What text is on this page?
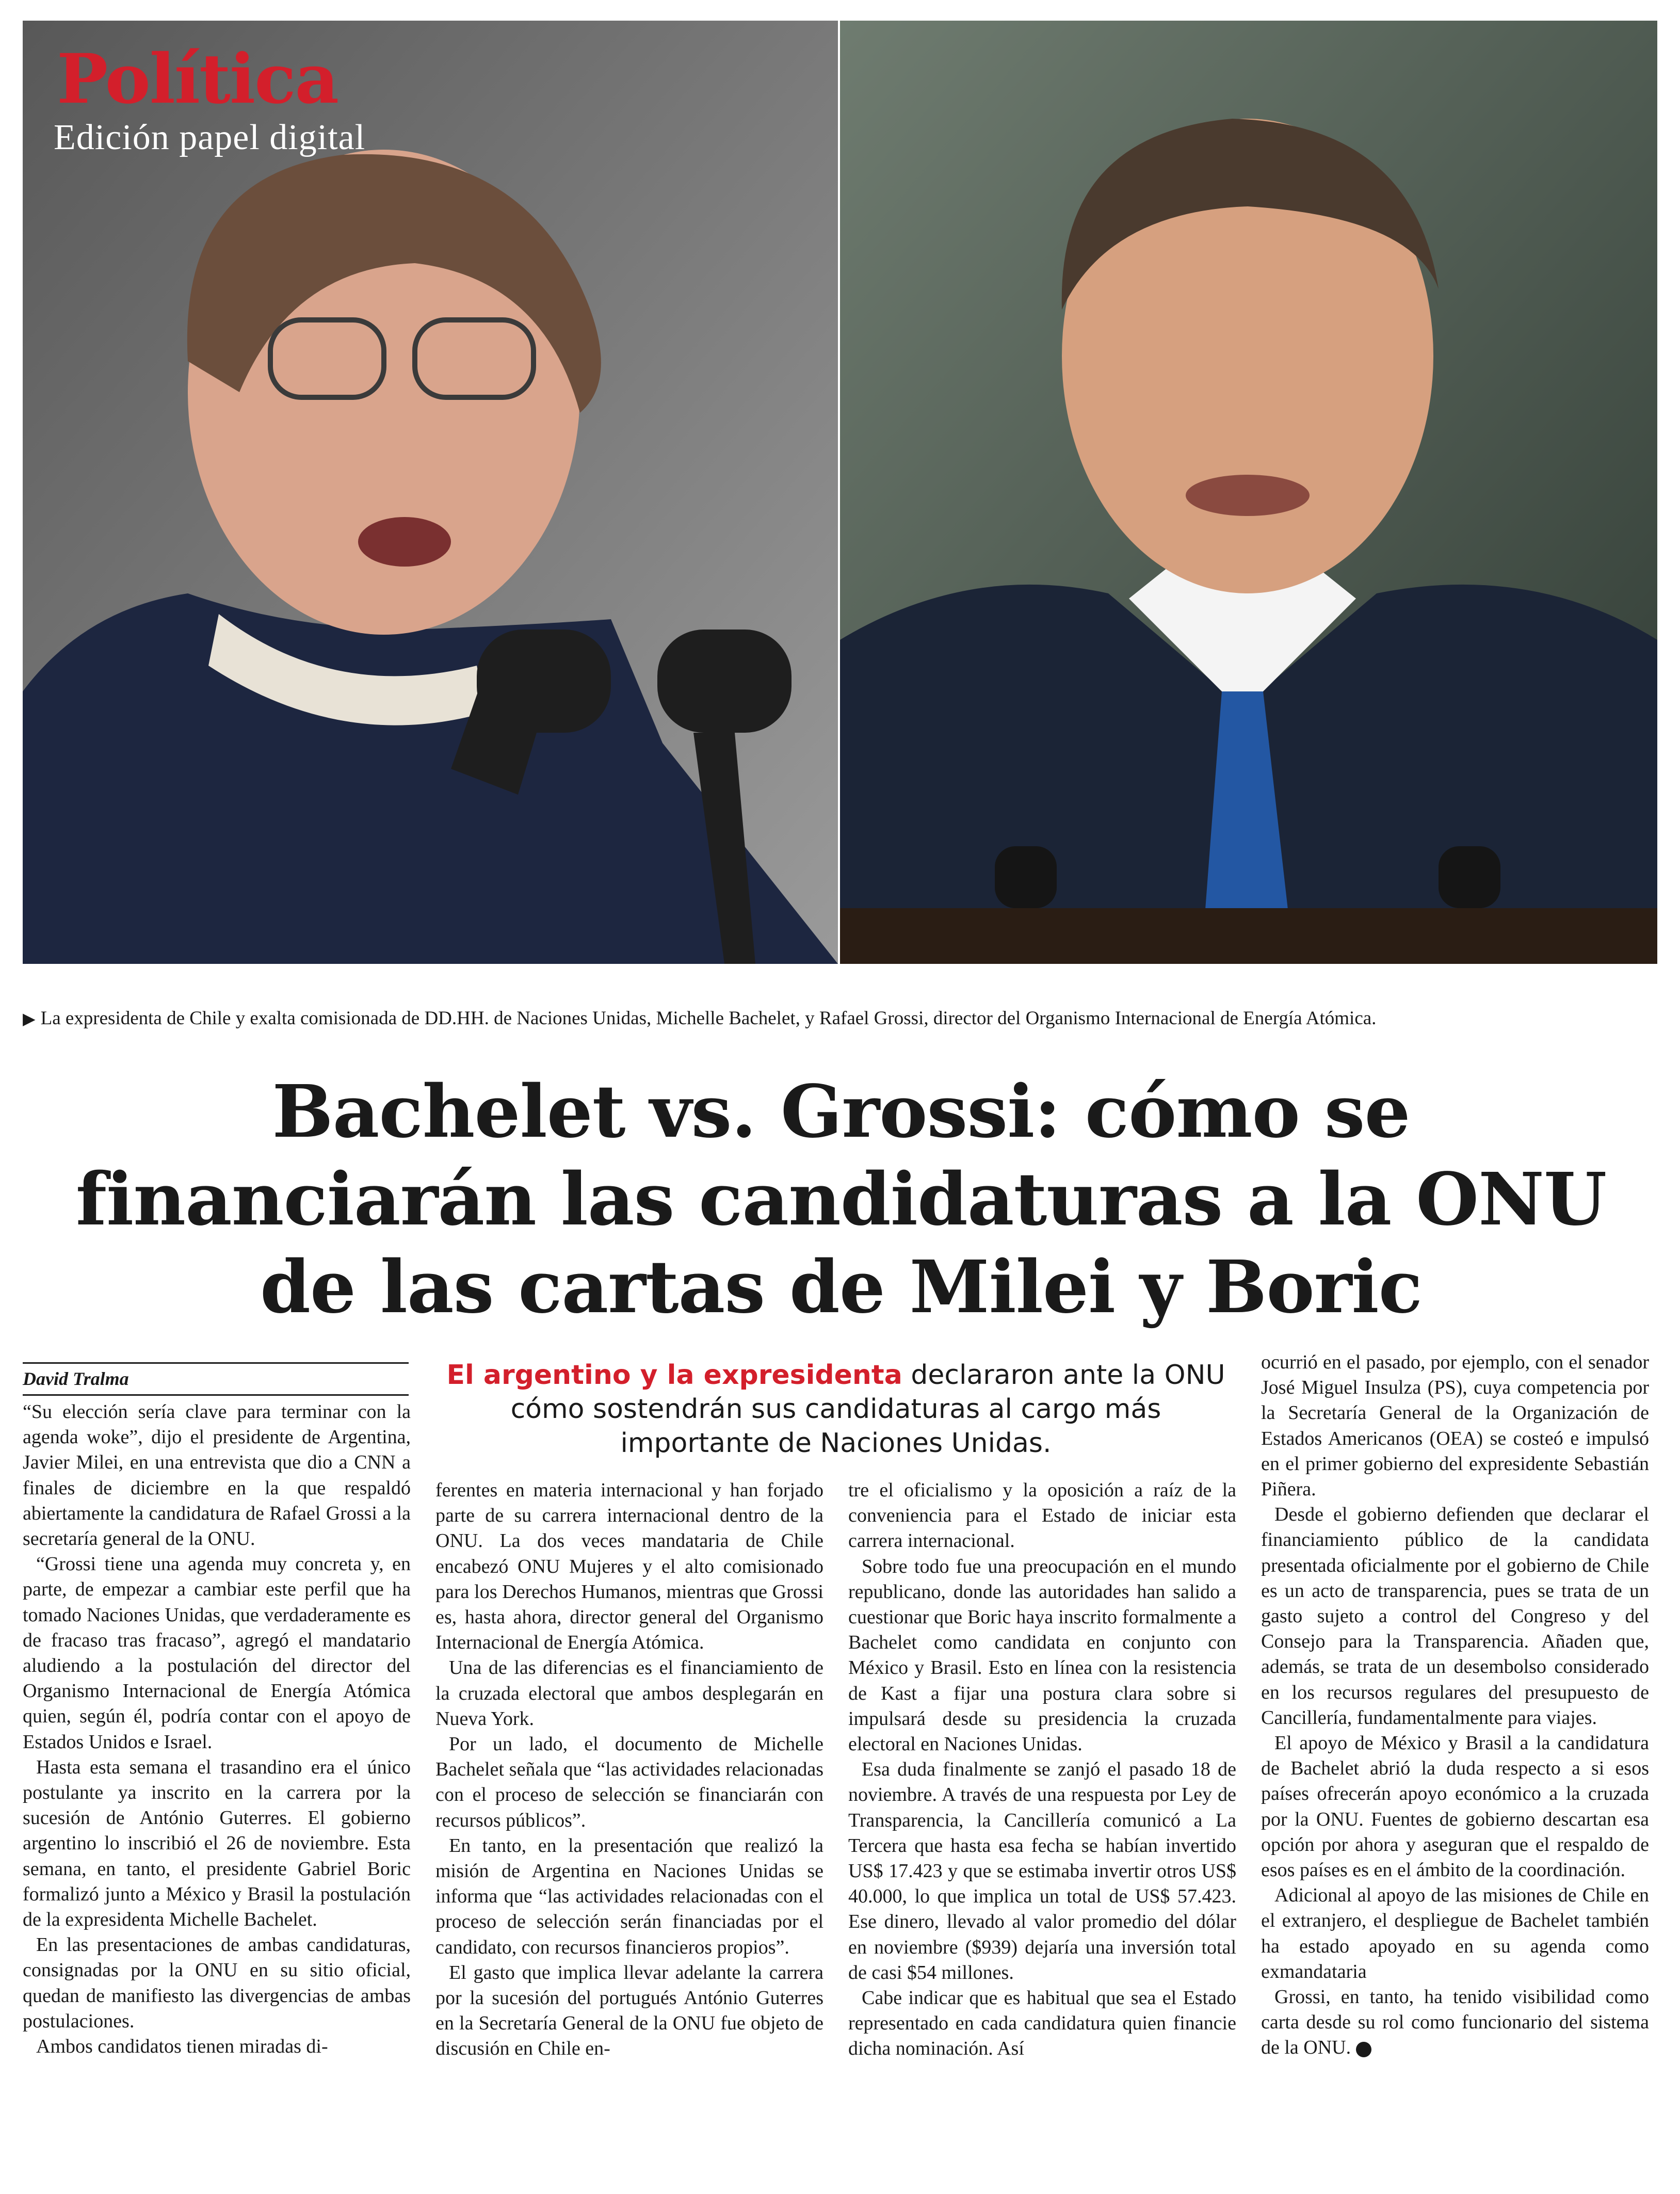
Política
Edición papel digital
▶ La expresidenta de Chile y exalta comisionada de DD.HH. de Naciones Unidas, Michelle Bachelet, y Rafael Grossi, director del Organismo Internacional de Energía Atómica.
Bachelet vs. Grossi: cómo se financiarán las candidaturas a la ONU de las cartas de Milei y Boric
David Tralma	El argentino y la expresidenta declararon ante la ONU cómo sostendrán sus candidaturas al cargo más importante de Naciones Unidas.

“Su elección sería clave para terminar con la agenda woke”, dijo el presidente de Argentina, Javier Milei, en una entrevista que dio a CNN a finales de diciembre en la que respaldó abiertamente la candidatura de Rafael Grossi a la secretaría general de la ONU.

“Grossi tiene una agenda muy concreta y, en parte, de empezar a cambiar este perfil que ha tomado Naciones Unidas, que verdaderamente es de fracaso tras fracaso”, agregó el mandatario aludiendo a la postulación del director del Organismo Internacional de Energía Atómica quien, según él, podría contar con el apoyo de Estados Unidos e Israel.

Hasta esta semana el trasandino era el único postulante ya inscrito en la carrera por la sucesión de António Guterres. El gobierno argentino lo inscribió el 26 de noviembre. Esta semana, en tanto, el presidente Gabriel Boric formalizó junto a México y Brasil la postulación de la expresidenta Michelle Bachelet.

En las presentaciones de ambas candidaturas, consignadas por la ONU en su sitio oficial, quedan de manifiesto las divergencias de ambas postulaciones.

Ambos candidatos tienen miradas di-

ferentes en materia internacional y han forjado parte de su carrera internacional dentro de la ONU. La dos veces mandataria de Chile encabezó ONU Mujeres y el alto comisionado para los Derechos Humanos, mientras que Grossi es, hasta ahora, director general del Organismo Internacional de Energía Atómica.

Una de las diferencias es el financiamiento de la cruzada electoral que ambos desplegarán en Nueva York.

Por un lado, el documento de Michelle Bachelet señala que “las actividades relacionadas con el proceso de selección se financiarán con recursos públicos”.

En tanto, en la presentación que realizó la misión de Argentina en Naciones Unidas se informa que “las actividades relacionadas con el proceso de selección serán financiadas por el candidato, con recursos financieros propios”.

El gasto que implica llevar adelante la carrera por la sucesión del portugués António Guterres en la Secretaría General de la ONU fue objeto de discusión en Chile en-

tre el oficialismo y la oposición a raíz de la conveniencia para el Estado de iniciar esta carrera internacional.

Sobre todo fue una preocupación en el mundo republicano, donde las autoridades han salido a cuestionar que Boric haya inscrito formalmente a Bachelet como candidata en conjunto con México y Brasil. Esto en línea con la resistencia de Kast a fijar una postura clara sobre si impulsará desde su presidencia la cruzada electoral en Naciones Unidas.

Esa duda finalmente se zanjó el pasado 18 de noviembre. A través de una respuesta por Ley de Transparencia, la Cancillería comunicó a La Tercera que hasta esa fecha se habían invertido US$ 17.423 y que se estimaba invertir otros US$ 40.000, lo que implica un total de US$ 57.423. Ese dinero, llevado al valor promedio del dólar en noviembre ($939) dejaría una inversión total de casi $54 millones.

Cabe indicar que es habitual que sea el Estado representado en cada candidatura quien financie dicha nominación. Así

ocurrió en el pasado, por ejemplo, con el senador José Miguel Insulza (PS), cuya competencia por la Secretaría General de la Organización de Estados Americanos (OEA) se costeó e impulsó en el primer gobierno del expresidente Sebastián Piñera.

Desde el gobierno defienden que declarar el financiamiento público de la candidata presentada oficialmente por el gobierno de Chile es un acto de transparencia, pues se trata de un gasto sujeto a control del Congreso y del Consejo para la Transparencia. Añaden que, además, se trata de un desembolso considerado en los recursos regulares del presupuesto de Cancillería, fundamentalmente para viajes.

El apoyo de México y Brasil a la candidatura de Bachelet abrió la duda respecto a si esos países ofrecerán apoyo económico a la cruzada por la ONU. Fuentes de gobierno descartan esa opción por ahora y aseguran que el respaldo de esos países es en el ámbito de la coordinación.

Adicional al apoyo de las misiones de Chile en el extranjero, el despliegue de Bachelet también ha estado apoyado en su agenda como exmandataria

Grossi, en tanto, ha tenido visibilidad como carta desde su rol como funcionario del sistema de la ONU.
